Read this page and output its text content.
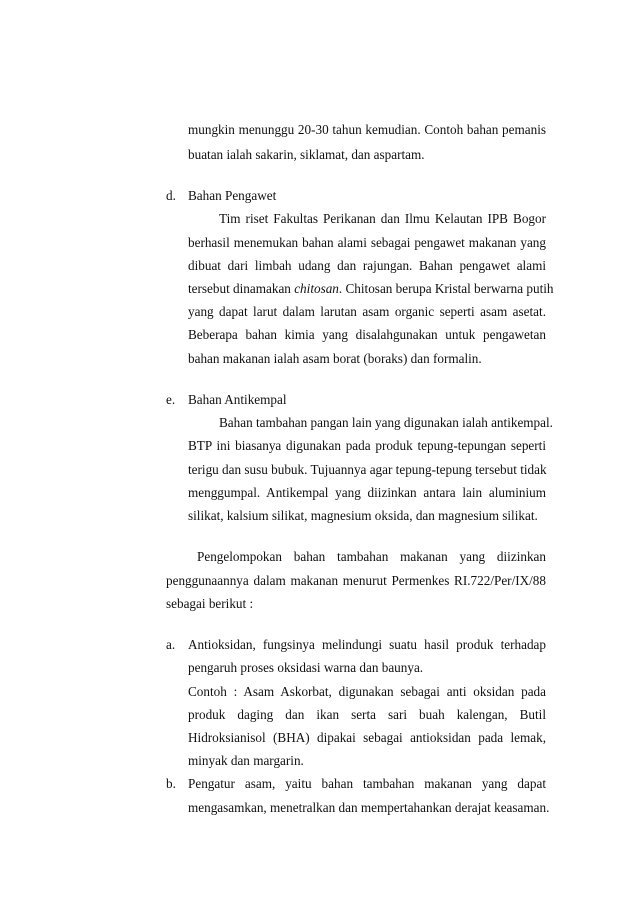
mungkin menunggu 20-30 tahun kemudian. Contoh bahan pemanis
buatan ialah sakarin, siklamat, dan aspartam.
d. Bahan Pengawet
Tim riset Fakultas Perikanan dan Ilmu Kelautan IPB Bogor
berhasil menemukan bahan alami sebagai pengawet makanan yang
dibuat dari limbah udang dan rajungan. Bahan pengawet alami
tersebut dinamakan chitosan. Chitosan berupa Kristal berwarna putih
yang dapat larut dalam larutan asam organic seperti asam asetat.
Beberapa bahan kimia yang disalahgunakan untuk pengawetan
bahan makanan ialah asam borat (boraks) dan formalin.
e. Bahan Antikempal
Bahan tambahan pangan lain yang digunakan ialah antikempal.
BTP ini biasanya digunakan pada produk tepung-tepungan seperti
terigu dan susu bubuk. Tujuannya agar tepung-tepung tersebut tidak
menggumpal. Antikempal yang diizinkan antara lain aluminium
silikat, kalsium silikat, magnesium oksida, dan magnesium silikat.
Pengelompokan bahan tambahan makanan yang diizinkan
penggunaannya dalam makanan menurut Permenkes RI.722/Per/IX/88
sebagai berikut :
a. Antioksidan, fungsinya melindungi suatu hasil produk terhadap
pengaruh proses oksidasi warna dan baunya.
Contoh : Asam Askorbat, digunakan sebagai anti oksidan pada
produk daging dan ikan serta sari buah kalengan, Butil
Hidroksianisol (BHA) dipakai sebagai antioksidan pada lemak,
minyak dan margarin.
b. Pengatur asam, yaitu bahan tambahan makanan yang dapat
mengasamkan, menetralkan dan mempertahankan derajat keasaman.
